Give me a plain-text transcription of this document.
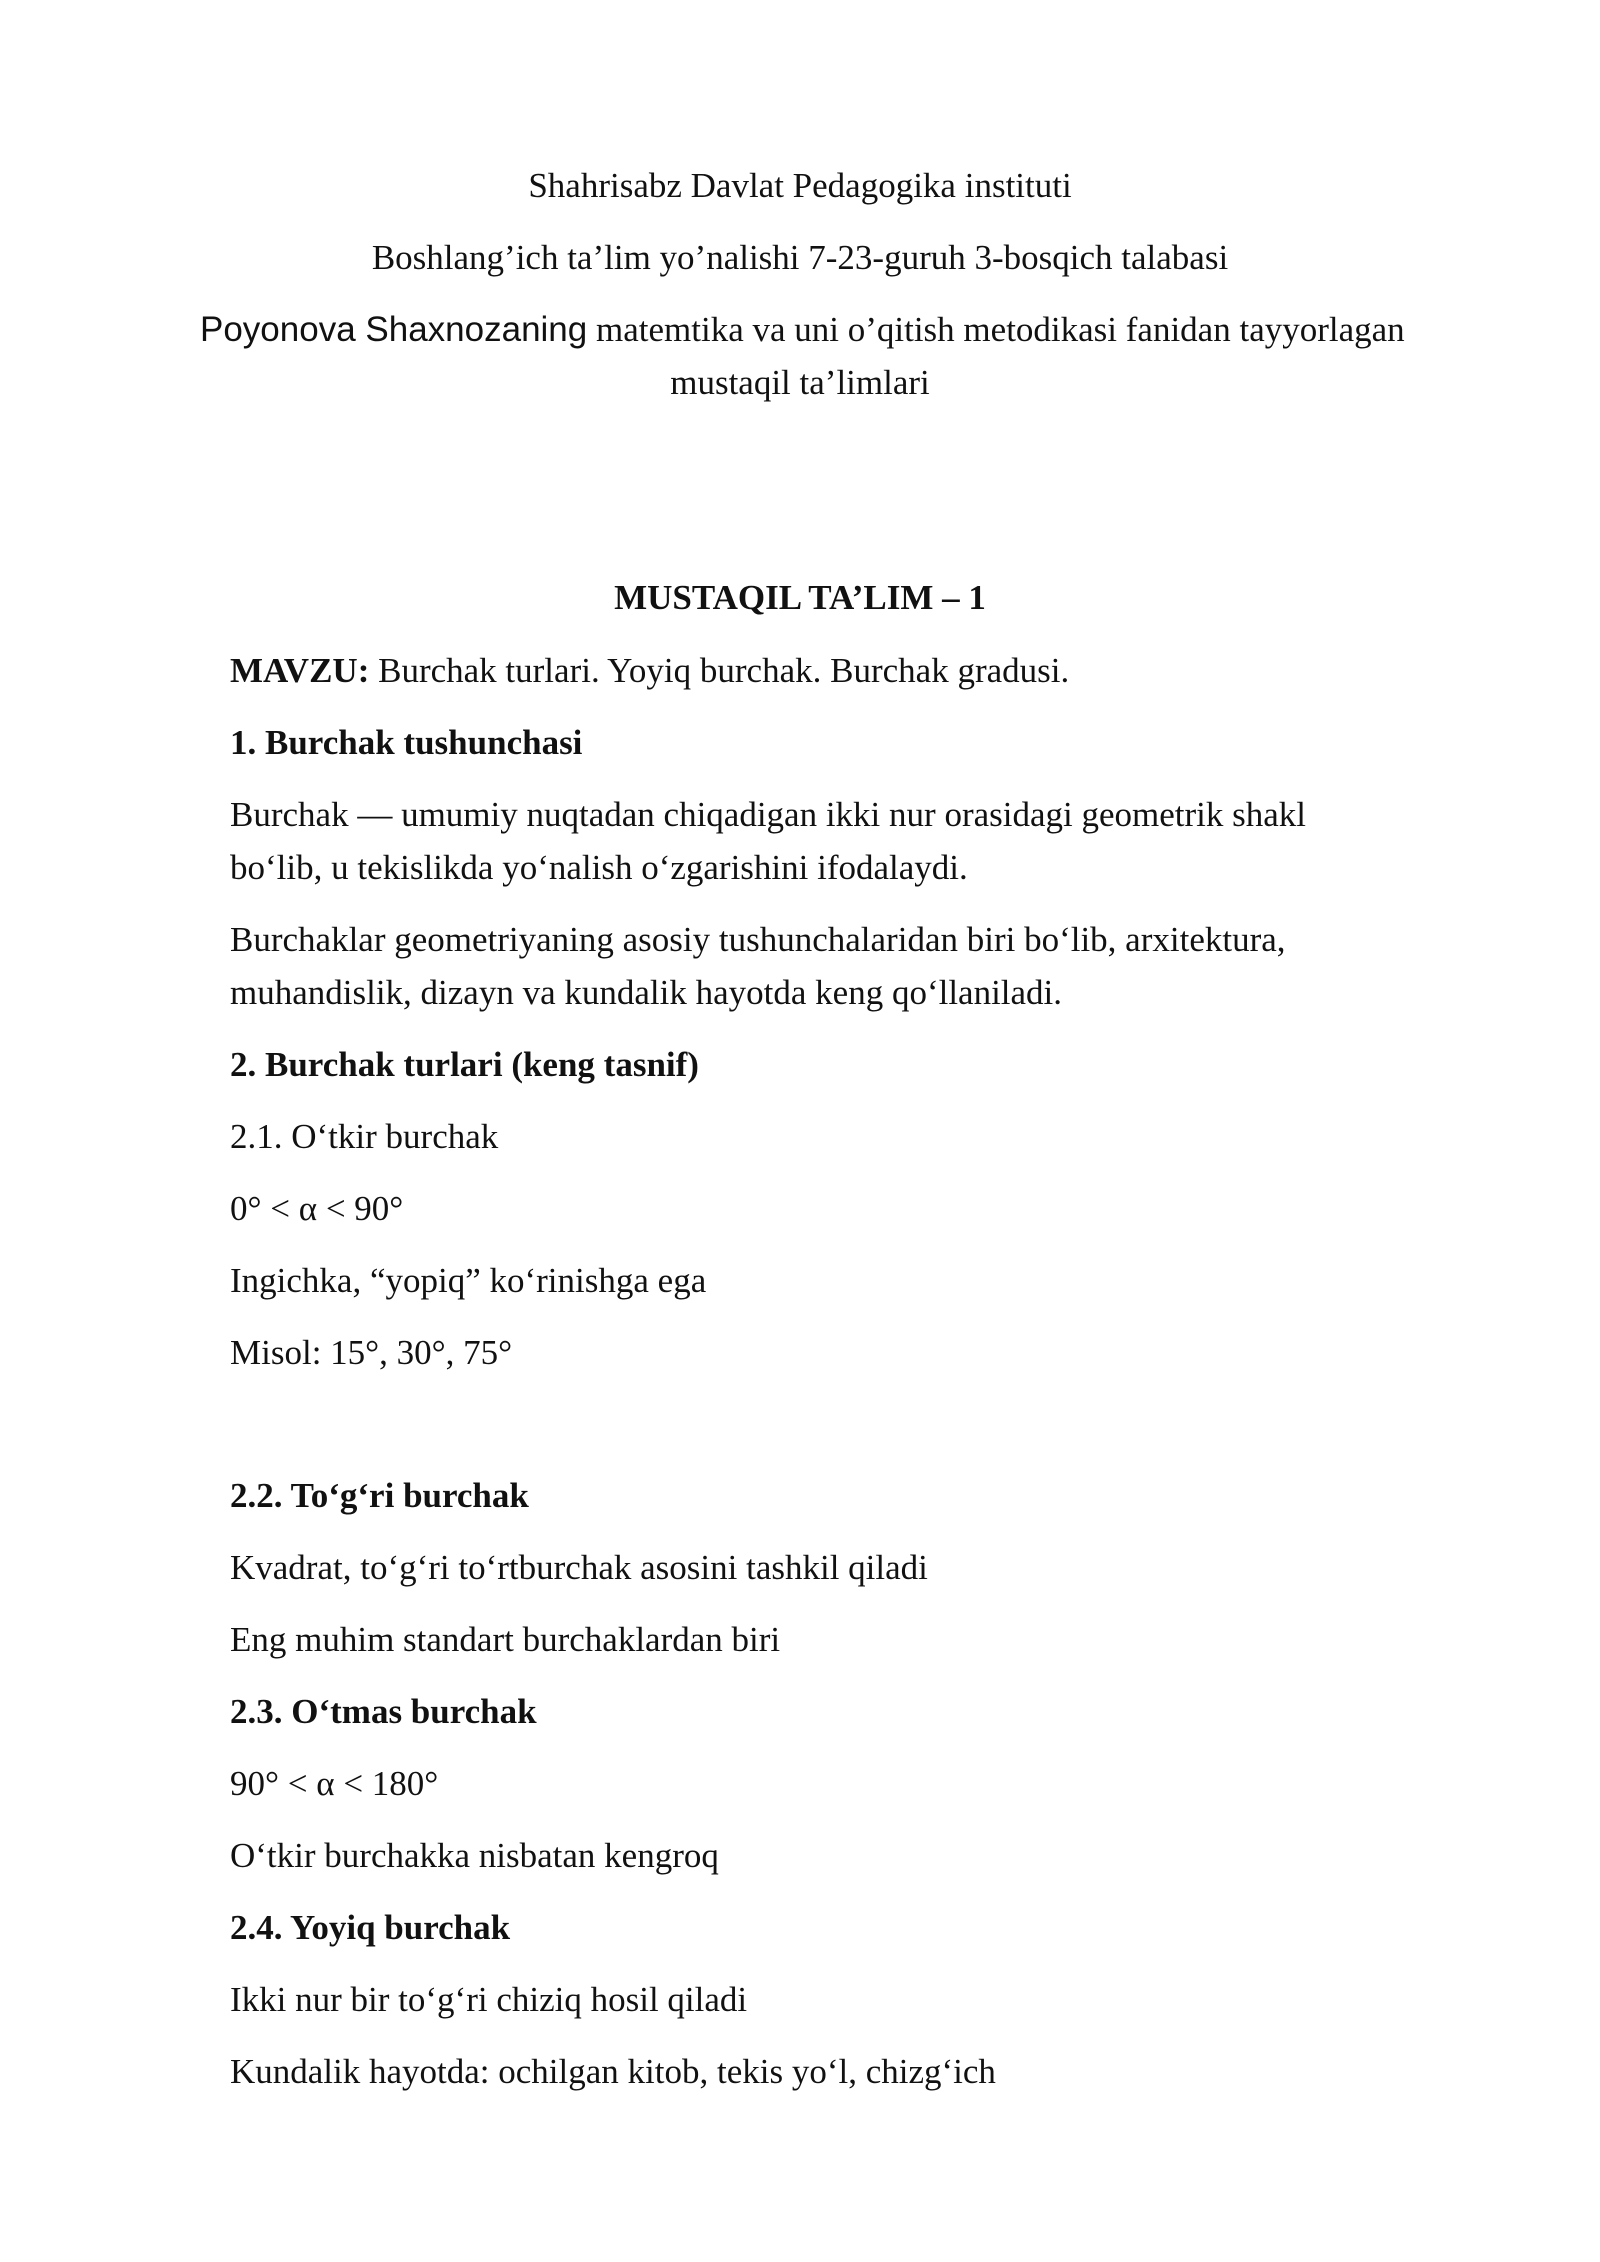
Shahrisabz Davlat Pedagogika instituti
Boshlang’ich ta’lim yo’nalishi 7-23-guruh 3-bosqich talabasi
Poyonova Shaxnozaning matemtika va uni o’qitish metodikasi fanidan tayyorlagan
mustaqil ta’limlari
MUSTAQIL TA’LIM – 1
MAVZU: Burchak turlari. Yoyiq burchak. Burchak gradusi.
1. Burchak tushunchasi
Burchak — umumiy nuqtadan chiqadigan ikki nur orasidagi geometrik shakl
bo‘lib, u tekislikda yo‘nalish o‘zgarishini ifodalaydi.
Burchaklar geometriyaning asosiy tushunchalaridan biri bo‘lib, arxitektura,
muhandislik, dizayn va kundalik hayotda keng qo‘llaniladi.
2. Burchak turlari (keng tasnif)
2.1. O‘tkir burchak
0° < α < 90°
Ingichka, “yopiq” ko‘rinishga ega
Misol: 15°, 30°, 75°
2.2. To‘g‘ri burchak
Kvadrat, to‘g‘ri to‘rtburchak asosini tashkil qiladi
Eng muhim standart burchaklardan biri
2.3. O‘tmas burchak
90° < α < 180°
O‘tkir burchakka nisbatan kengroq
2.4. Yoyiq burchak
Ikki nur bir to‘g‘ri chiziq hosil qiladi
Kundalik hayotda: ochilgan kitob, tekis yo‘l, chizg‘ich
